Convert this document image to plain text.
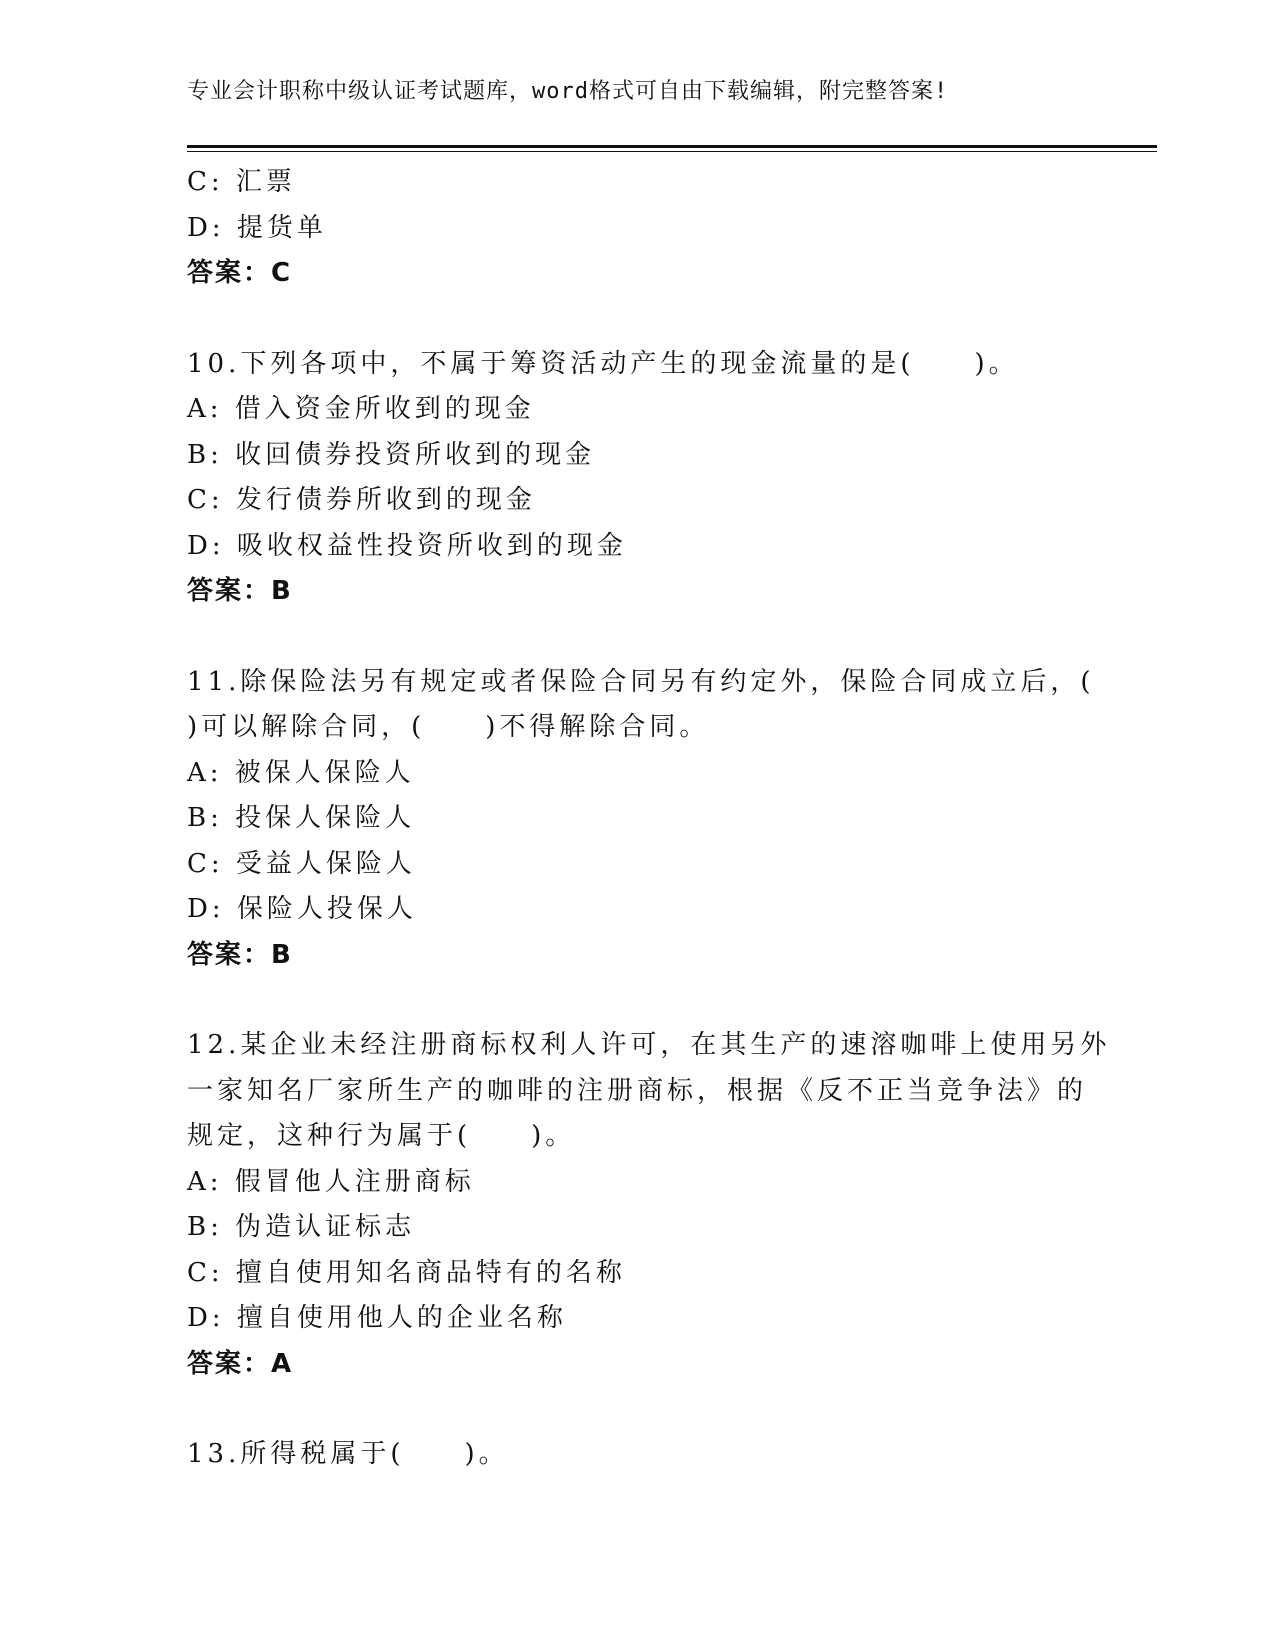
专业会计职称中级认证考试题库，word格式可自由下载编辑，附完整答案!
C: 汇票
D: 提货单
答案：C
10.下列各项中，不属于筹资活动产生的现金流量的是(　　)。
A: 借入资金所收到的现金
B: 收回债券投资所收到的现金
C: 发行债券所收到的现金
D: 吸收权益性投资所收到的现金
答案：B
11.除保险法另有规定或者保险合同另有约定外，保险合同成立后，(
)可以解除合同，(　　)不得解除合同。
A: 被保人保险人
B: 投保人保险人
C: 受益人保险人
D: 保险人投保人
答案：B
12.某企业未经注册商标权利人许可，在其生产的速溶咖啡上使用另外
一家知名厂家所生产的咖啡的注册商标，根据《反不正当竞争法》的
规定，这种行为属于(　　)。
A: 假冒他人注册商标
B: 伪造认证标志
C: 擅自使用知名商品特有的名称
D: 擅自使用他人的企业名称
答案：A
13.所得税属于(　　)。
